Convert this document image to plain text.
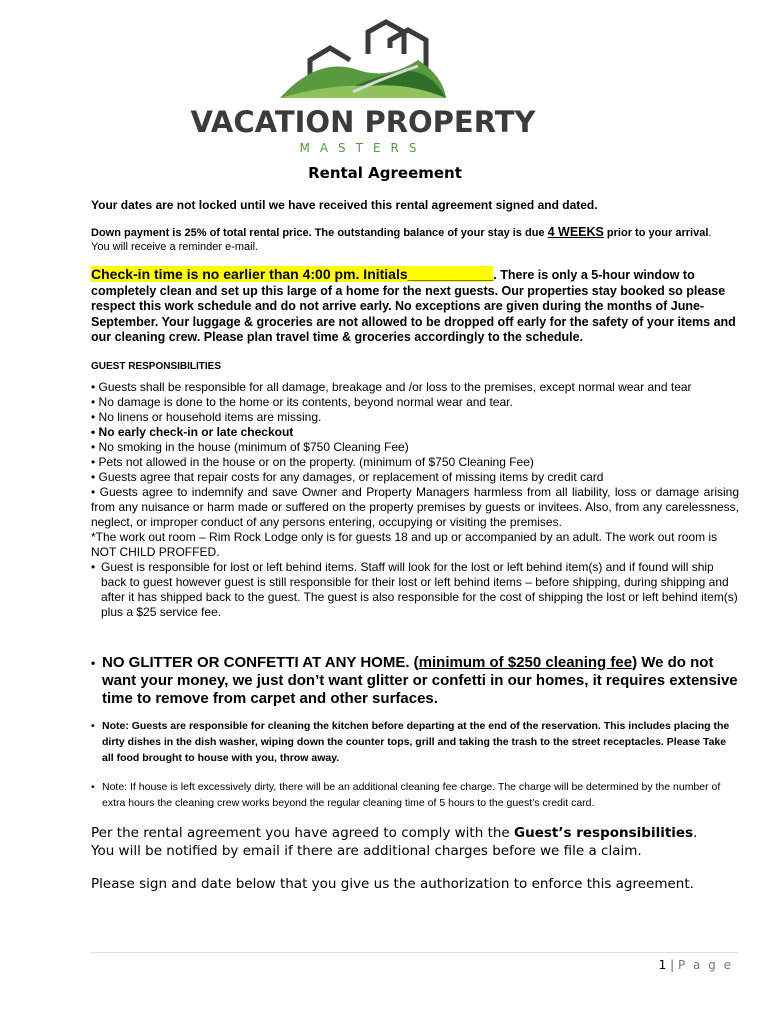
VACATION PROPERTY
MASTERS
Rental Agreement
Your dates are not locked until we have received this rental agreement signed and dated.
Down payment is 25% of total rental price. The outstanding balance of your stay is due 4 WEEKS prior to your arrival.
You will receive a reminder e-mail.
Check-in time is no earlier than 4:00 pm. Initials___________. There is only a 5-hour window to completely clean and set up this large of a home for the next guests. Our properties stay booked so please respect this work schedule and do not arrive early. No exceptions are given during the months of June-September. Your luggage & groceries are not allowed to be dropped off early for the safety of your items and our cleaning crew. Please plan travel time & groceries accordingly to the schedule.
GUEST RESPONSIBILITIES
• Guests shall be responsible for all damage, breakage and /or loss to the premises, except normal wear and tear
• No damage is done to the home or its contents, beyond normal wear and tear.
• No linens or household items are missing.
• No early check-in or late checkout
• No smoking in the house (minimum of $750 Cleaning Fee)
• Pets not allowed in the house or on the property. (minimum of $750 Cleaning Fee)
• Guests agree that repair costs for any damages, or replacement of missing items by credit card
• Guests agree to indemnify and save Owner and Property Managers harmless from all liability, loss or damage arising from any nuisance or harm made or suffered on the property premises by guests or invitees. Also, from any carelessness, neglect, or improper conduct of any persons entering, occupying or visiting the premises.
*The work out room – Rim Rock Lodge only is for guests 18 and up or accompanied by an adult. The work out room is NOT CHILD PROFFED.
• Guest is responsible for lost or left behind items. Staff will look for the lost or left behind item(s) and if found will ship back to guest however guest is still responsible for their lost or left behind items – before shipping, during shipping and after it has shipped back to the guest. The guest is also responsible for the cost of shipping the lost or left behind item(s) plus a $25 service fee.
• NO GLITTER OR CONFETTI AT ANY HOME. (minimum of $250 cleaning fee) We do not want your money, we just don’t want glitter or confetti in our homes, it requires extensive time to remove from carpet and other surfaces.
• Note: Guests are responsible for cleaning the kitchen before departing at the end of the reservation. This includes placing the dirty dishes in the dish washer, wiping down the counter tops, grill and taking the trash to the street receptacles. Please Take all food brought to house with you, throw away.
• Note: If house is left excessively dirty, there will be an additional cleaning fee charge. The charge will be determined by the number of extra hours the cleaning crew works beyond the regular cleaning time of 5 hours to the guest’s credit card.
Per the rental agreement you have agreed to comply with the Guest’s responsibilities.
You will be notified by email if there are additional charges before we file a claim.
Please sign and date below that you give us the authorization to enforce this agreement.
1 | P a g e
